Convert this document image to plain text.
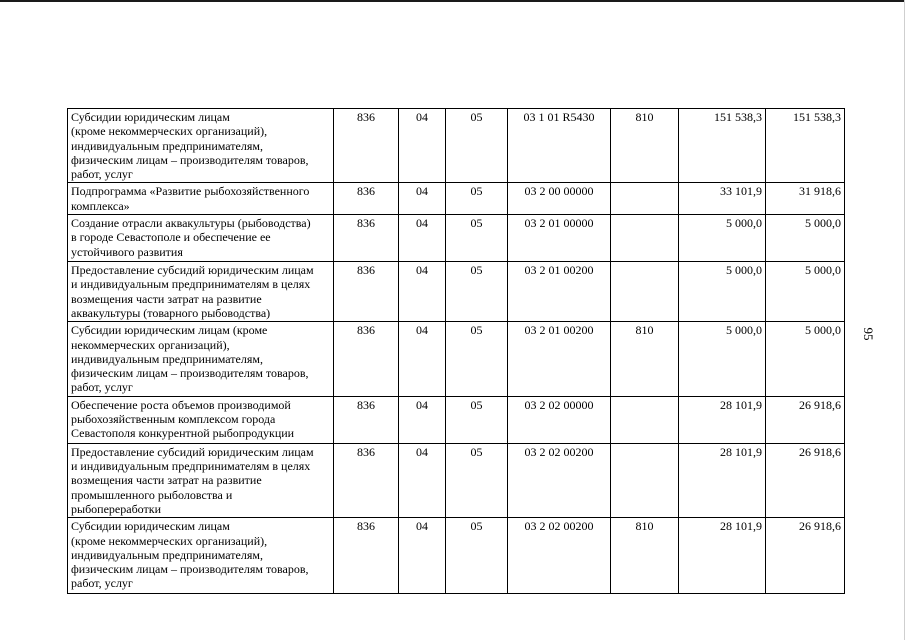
Субсидии юридическим лицам
(кроме некоммерческих организаций),
индивидуальным предпринимателям,
физическим лицам – производителям товаров,
работ, услуг	836	04	05	03 1 01 R5430	810	151 538,3	151 538,3
Подпрограмма «Развитие рыбохозяйственного
комплекса»	836	04	05	03 2 00 00000		33 101,9	31 918,6
Создание отрасли аквакультуры (рыбоводства)
в городе Севастополе и обеспечение ее
устойчивого развития	836	04	05	03 2 01 00000		5 000,0	5 000,0
Предоставление субсидий юридическим лицам
и индивидуальным предпринимателям в целях
возмещения части затрат на развитие
аквакультуры (товарного рыбоводства)	836	04	05	03 2 01 00200		5 000,0	5 000,0
Субсидии юридическим лицам (кроме
некоммерческих организаций),
индивидуальным предпринимателям,
физическим лицам – производителям товаров,
работ, услуг	836	04	05	03 2 01 00200	810	5 000,0	5 000,0
Обеспечение роста объемов производимой
рыбохозяйственным комплексом города
Севастополя конкурентной рыбопродукции	836	04	05	03 2 02 00000		28 101,9	26 918,6
Предоставление субсидий юридическим лицам
и индивидуальным предпринимателям в целях
возмещения части затрат на развитие
промышленного рыболовства и
рыбопереработки	836	04	05	03 2 02 00200		28 101,9	26 918,6
Субсидии юридическим лицам
(кроме некоммерческих организаций),
индивидуальным предпринимателям,
физическим лицам – производителям товаров,
работ, услуг	836	04	05	03 2 02 00200	810	28 101,9	26 918,6
95
